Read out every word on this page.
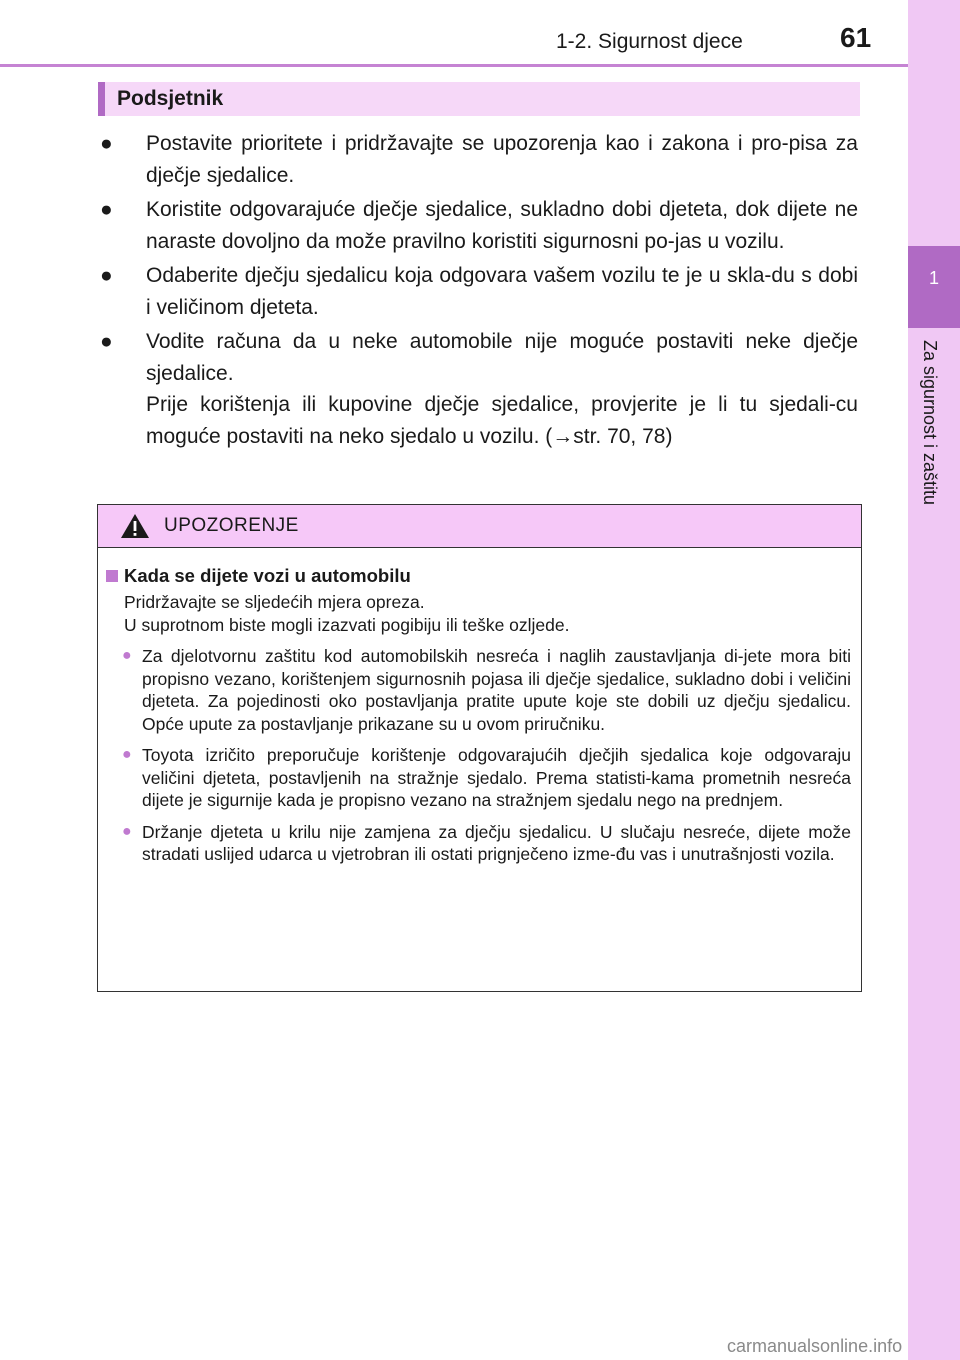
1-2. Sigurnost djece	61
1
Za sigurnost i zaštitu
Podsjetnik
●	Postavite prioritete i pridržavajte se upozorenja kao i zakona i pro-pisa za dječje sjedalice.

●	Koristite odgovarajuće dječje sjedalice, sukladno dobi djeteta, dok dijete ne naraste dovoljno da može pravilno koristiti sigurnosni po-jas u vozilu.

●	Odaberite dječju sjedalicu koja odgovara vašem vozilu te je u skla-du s dobi i veličinom djeteta.

●	Vodite računa da u neke automobile nije moguće postaviti neke dječje sjedalice.

Prije korištenja ili kupovine dječje sjedalice, provjerite je li tu sjedali-cu moguće postaviti na neko sjedalo u vozilu. (→str. 70, 78)

UPOZORENJE
Kada se dijete vozi u automobilu
Pridržavajte se sljedećih mjera opreza.
U suprotnom biste mogli izazvati pogibiju ili teške ozljede.
● Za djelotvornu zaštitu kod automobilskih nesreća i naglih zaustavljanja di-jete mora biti propisno vezano, korištenjem sigurnosnih pojasa ili dječje sjedalice, sukladno dobi i veličini djeteta. Za pojedinosti oko postavljanja pratite upute koje ste dobili uz dječju sjedalicu. Opće upute za postavljanje prikazane su u ovom priručniku.
● Toyota izričito preporučuje korištenje odgovarajućih dječjih sjedalica koje odgovaraju veličini djeteta, postavljenih na stražnje sjedalo. Prema statisti-kama prometnih nesreća dijete je sigurnije kada je propisno vezano na stražnjem sjedalu nego na prednjem.
● Držanje djeteta u krilu nije zamjena za dječju sjedalicu. U slučaju nesreće, dijete može stradati uslijed udarca u vjetrobran ili ostati prignječeno izme-đu vas i unutrašnjosti vozila.
carmanualsonline.info
